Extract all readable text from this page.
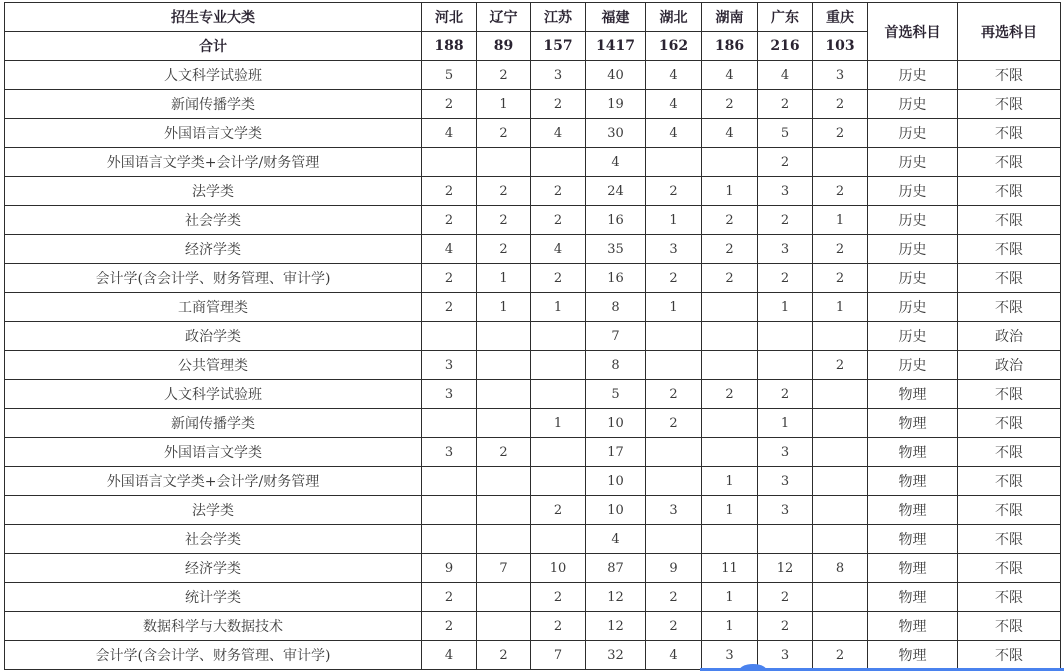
招生专业大类	河北	辽宁	江苏	福建	湖北	湖南	广东	重庆	首选科目	再选科目
合计	188	89	157	1417	162	186	216	103		
人文科学试验班	5	2	3	40	4	4	4	3	历史	不限
新闻传播学类	2	1	2	19	4	2	2	2	历史	不限
外国语言文学类	4	2	4	30	4	4	5	2	历史	不限
外国语言文学类+会计学/财务管理				4			2		历史	不限
法学类	2	2	2	24	2	1	3	2	历史	不限
社会学类	2	2	2	16	1	2	2	1	历史	不限
经济学类	4	2	4	35	3	2	3	2	历史	不限
会计学(含会计学、财务管理、审计学)	2	1	2	16	2	2	2	2	历史	不限
工商管理类	2	1	1	8	1		1	1	历史	不限
政治学类				7					历史	政治
公共管理类	3			8				2	历史	政治
人文科学试验班	3			5	2	2	2		物理	不限
新闻传播学类			1	10	2		1		物理	不限
外国语言文学类	3	2		17			3		物理	不限
外国语言文学类+会计学/财务管理				10		1	3		物理	不限
法学类			2	10	3	1	3		物理	不限
社会学类				4					物理	不限
经济学类	9	7	10	87	9	11	12	8	物理	不限
统计学类	2		2	12	2	1	2		物理	不限
数据科学与大数据技术	2		2	12	2	1	2		物理	不限
会计学(含会计学、财务管理、审计学)	4	2	7	32	4	3	3	2	物理	不限
